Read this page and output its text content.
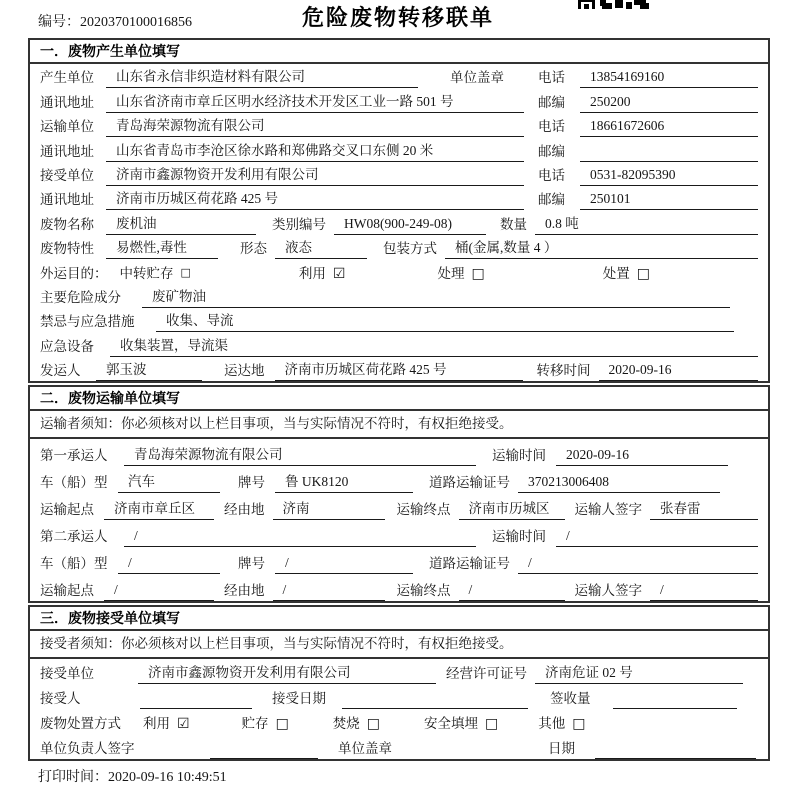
编号：2020370100016856	危险废物转移联单
一．废物产生单位填写
产生单位	山东省永信非织造材料有限公司	单位盖章	电话	13854169160
通讯地址	山东省济南市章丘区明水经济技术开发区工业一路 501 号	邮编	250200
运输单位	青岛海荣源物流有限公司	电话	18661672606
通讯地址	山东省青岛市李沧区徐水路和郑佛路交叉口东侧 20 米	邮编
接受单位	济南市鑫源物资开发利用有限公司	电话	0531-82095390
通讯地址	济南市历城区荷花路 425 号	邮编	250101
废物名称	废机油	类别编号	HW08(900-249-08)	数量	0.8 吨
废物特性	易燃性,毒性	形态	液态	包装方式	桶(金属,数量 4 ）
外运目的： 中转贮存 □	利用 ☑	处理 □	处置 □
主要危险成分	废矿物油
禁忌与应急措施	收集、导流
应急设备	收集装置，导流渠
发运人	郭玉波	运达地	济南市历城区荷花路 425 号	转移时间	2020-09-16
二．废物运输单位填写
运输者须知：你必须核对以上栏目事项，当与实际情况不符时，有权拒绝接受。
第一承运人	青岛海荣源物流有限公司	运输时间	2020-09-16
车（船）型	汽车	牌号	鲁 UK8120	道路运输证号	370213006408
运输起点	济南市章丘区	经由地	济南	运输终点	济南市历城区	运输人签字	张春雷
第二承运人	/	运输时间	/
车（船）型	/	牌号	/	道路运输证号	/
运输起点	/	经由地	/	运输终点	/	运输人签字	/
三．废物接受单位填写
接受者须知：你必须核对以上栏目事项，当与实际情况不符时，有权拒绝接受。
接受单位	济南市鑫源物资开发利用有限公司	经营许可证号	济南危证 02 号
接受人	接受日期	签收量
废物处置方式 利用 ☑	贮存 □	焚烧 □	安全填埋 □	其他 □
单位负责人签字	单位盖章	日期
打印时间：2020-09-16 10:49:51
